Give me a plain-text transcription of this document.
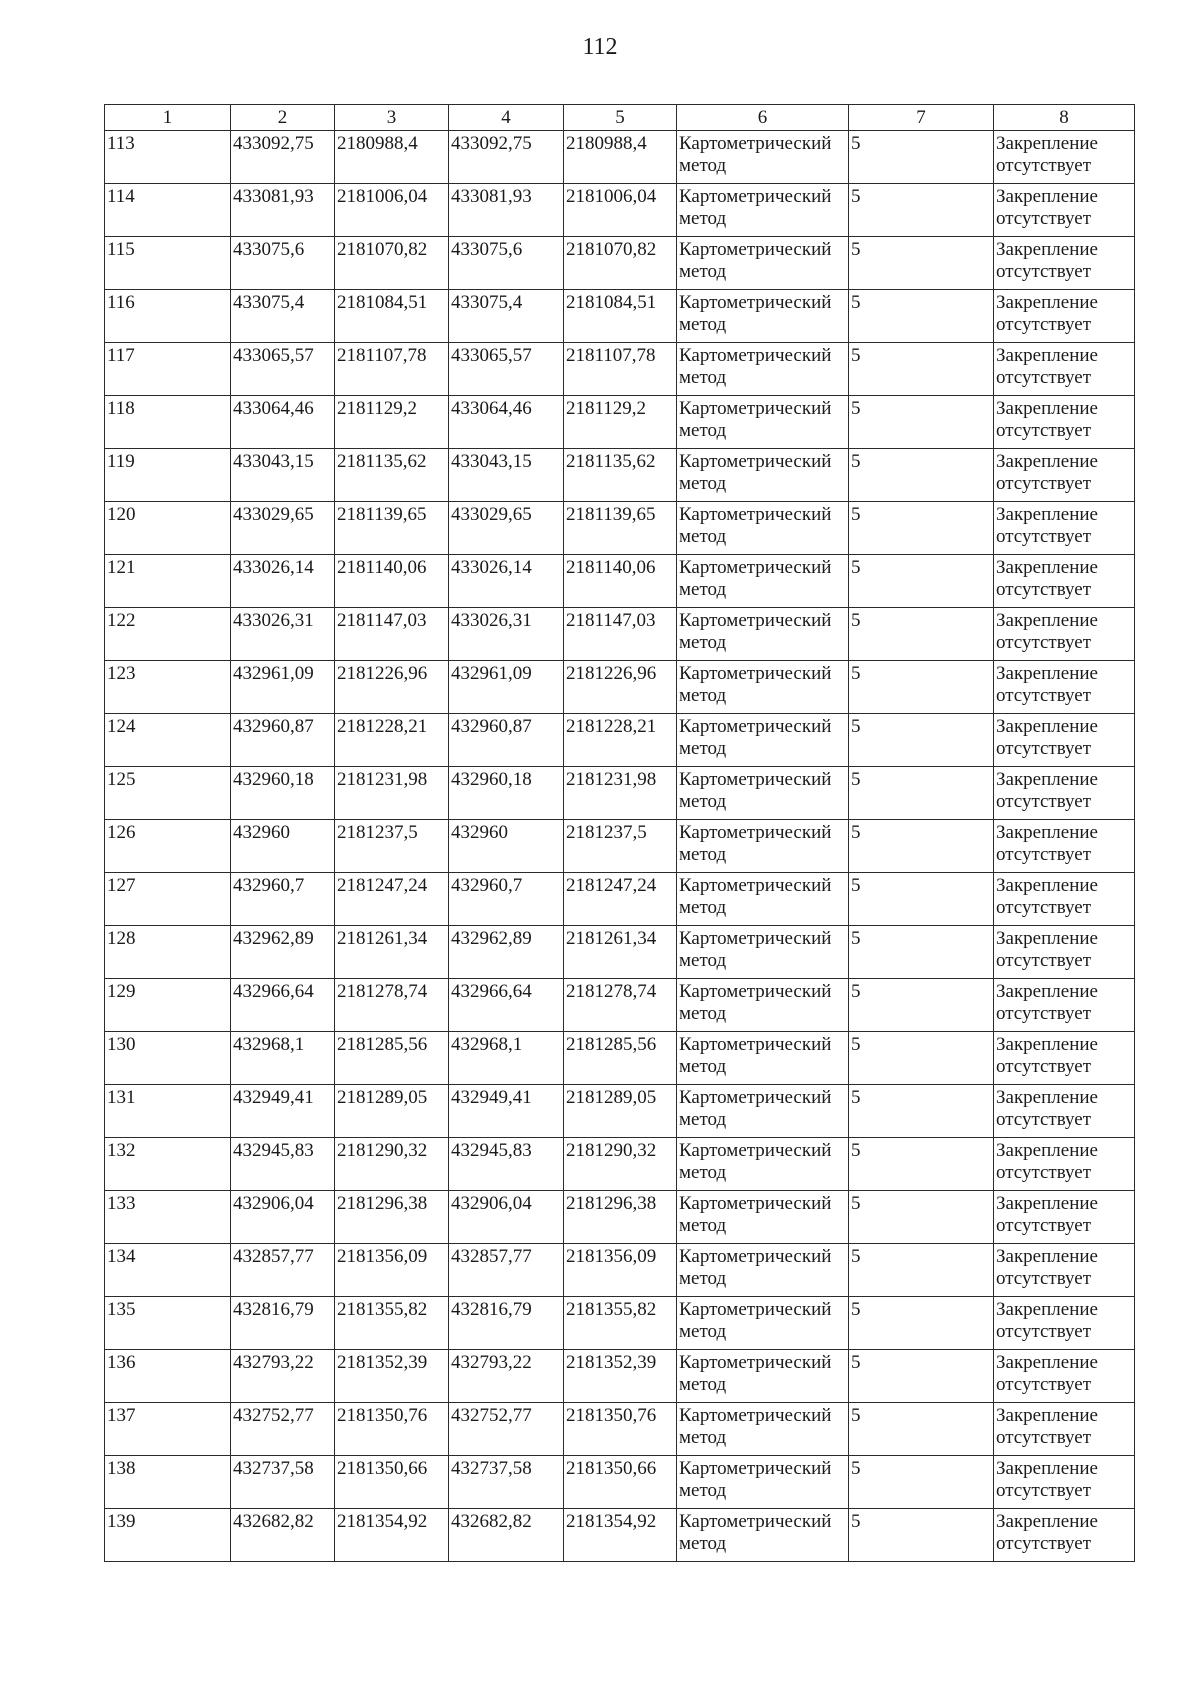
112
1	2	3	4	5	6	7	8
113	433092,75	2180988,4	433092,75	2180988,4	Картометрический метод	5	Закрепление отсутствует
114	433081,93	2181006,04	433081,93	2181006,04	Картометрический метод	5	Закрепление отсутствует
115	433075,6	2181070,82	433075,6	2181070,82	Картометрический метод	5	Закрепление отсутствует
116	433075,4	2181084,51	433075,4	2181084,51	Картометрический метод	5	Закрепление отсутствует
117	433065,57	2181107,78	433065,57	2181107,78	Картометрический метод	5	Закрепление отсутствует
118	433064,46	2181129,2	433064,46	2181129,2	Картометрический метод	5	Закрепление отсутствует
119	433043,15	2181135,62	433043,15	2181135,62	Картометрический метод	5	Закрепление отсутствует
120	433029,65	2181139,65	433029,65	2181139,65	Картометрический метод	5	Закрепление отсутствует
121	433026,14	2181140,06	433026,14	2181140,06	Картометрический метод	5	Закрепление отсутствует
122	433026,31	2181147,03	433026,31	2181147,03	Картометрический метод	5	Закрепление отсутствует
123	432961,09	2181226,96	432961,09	2181226,96	Картометрический метод	5	Закрепление отсутствует
124	432960,87	2181228,21	432960,87	2181228,21	Картометрический метод	5	Закрепление отсутствует
125	432960,18	2181231,98	432960,18	2181231,98	Картометрический метод	5	Закрепление отсутствует
126	432960	2181237,5	432960	2181237,5	Картометрический метод	5	Закрепление отсутствует
127	432960,7	2181247,24	432960,7	2181247,24	Картометрический метод	5	Закрепление отсутствует
128	432962,89	2181261,34	432962,89	2181261,34	Картометрический метод	5	Закрепление отсутствует
129	432966,64	2181278,74	432966,64	2181278,74	Картометрический метод	5	Закрепление отсутствует
130	432968,1	2181285,56	432968,1	2181285,56	Картометрический метод	5	Закрепление отсутствует
131	432949,41	2181289,05	432949,41	2181289,05	Картометрический метод	5	Закрепление отсутствует
132	432945,83	2181290,32	432945,83	2181290,32	Картометрический метод	5	Закрепление отсутствует
133	432906,04	2181296,38	432906,04	2181296,38	Картометрический метод	5	Закрепление отсутствует
134	432857,77	2181356,09	432857,77	2181356,09	Картометрический метод	5	Закрепление отсутствует
135	432816,79	2181355,82	432816,79	2181355,82	Картометрический метод	5	Закрепление отсутствует
136	432793,22	2181352,39	432793,22	2181352,39	Картометрический метод	5	Закрепление отсутствует
137	432752,77	2181350,76	432752,77	2181350,76	Картометрический метод	5	Закрепление отсутствует
138	432737,58	2181350,66	432737,58	2181350,66	Картометрический метод	5	Закрепление отсутствует
139	432682,82	2181354,92	432682,82	2181354,92	Картометрический метод	5	Закрепление отсутствует
